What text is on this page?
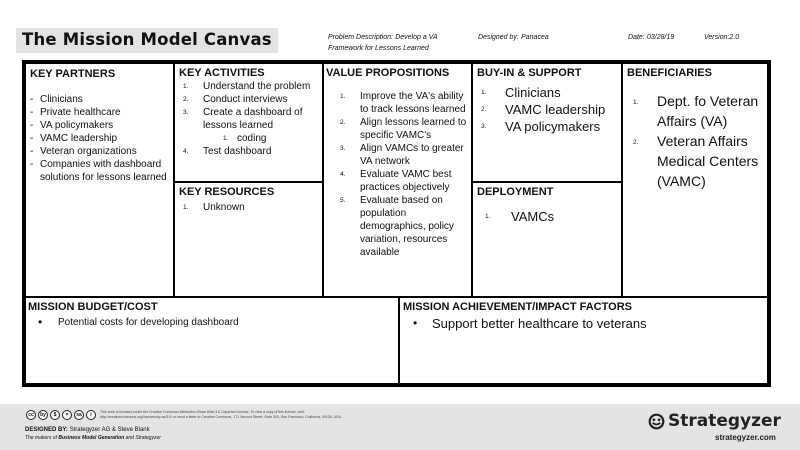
The Mission Model Canvas	Problem Description: Develop a VA
Framework for Lessons Learned
Designed by: Panacea	Date: 03/28/19	Version:2.0
KEY PARTNERS
- Clinicians
- Private healthcare
- VA policymakers
- VAMC leadership
- Veteran organizations
- Companies with dashboard solutions for lessons learned
KEY ACTIVITIES
1. Understand the problem
2. Conduct interviews
3. Create a dashboard of lessons learned
1. coding
4. Test dashboard
KEY RESOURCES
1. Unknown
VALUE PROPOSITIONS
1. Improve the VA's ability to track lessons learned
2. Align lessons learned to specific VAMC's
3. Align VAMCs to greater VA network
4. Evaluate VAMC best practices objectively
5. Evaluate based on population demographics, policy variation, resources available
BUY-IN & SUPPORT
1. Clinicians
2. VAMC leadership
3. VA policymakers
DEPLOYMENT
1. VAMCs
BENEFICIARIES
1. Dept. fo Veteran Affairs (VA)
2. Veteran Affairs Medical Centers (VAMC)
MISSION BUDGET/COST
• Potential costs for developing dashboard
MISSION ACHIEVEMENT/IMPACT FACTORS
• Support better healthcare to veterans
cc	by	$	=	sa	i	This work is licensed under the Creative Commons Attribution-Share Alike 3.0 Unported License. To view a copy of this license, visit:
http://creativecommons.org/licenses/by-sa/3.0/ or send a letter to Creative Commons, 171 Second Street, Suite 300, San Francisco, California, 94105, USA.
DESIGNED BY: Strategyzer AG & Steve Blank
The makers of Business Model Generation and Strategyzer
Strategyzer
strategyzer.com
